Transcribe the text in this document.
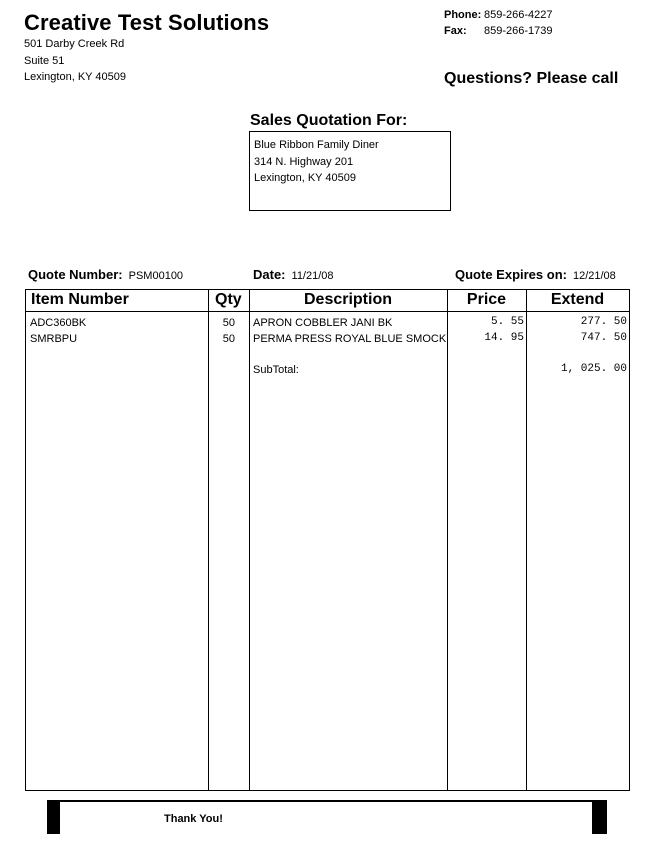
Creative Test Solutions
501 Darby Creek Rd
Suite 51
Lexington, KY 40509
Phone: 859-266-4227
Fax: 859-266-1739
Questions? Please call
Sales Quotation For:
Blue Ribbon Family Diner
314 N. Highway 201
Lexington, KY 40509
Quote Number: PSM00100	Date: 11/21/08	Quote Expires on: 12/21/08
Item Number	Qty	Description	Price	Extend
ADC360BK	50 APRON COBBLER JANI BK	5. 55	277. 50
SMRBPU	50 PERMA PRESS ROYAL BLUE SMOCK	14. 95	747. 50
SubTotal:	1, 025. 00
Thank You!
